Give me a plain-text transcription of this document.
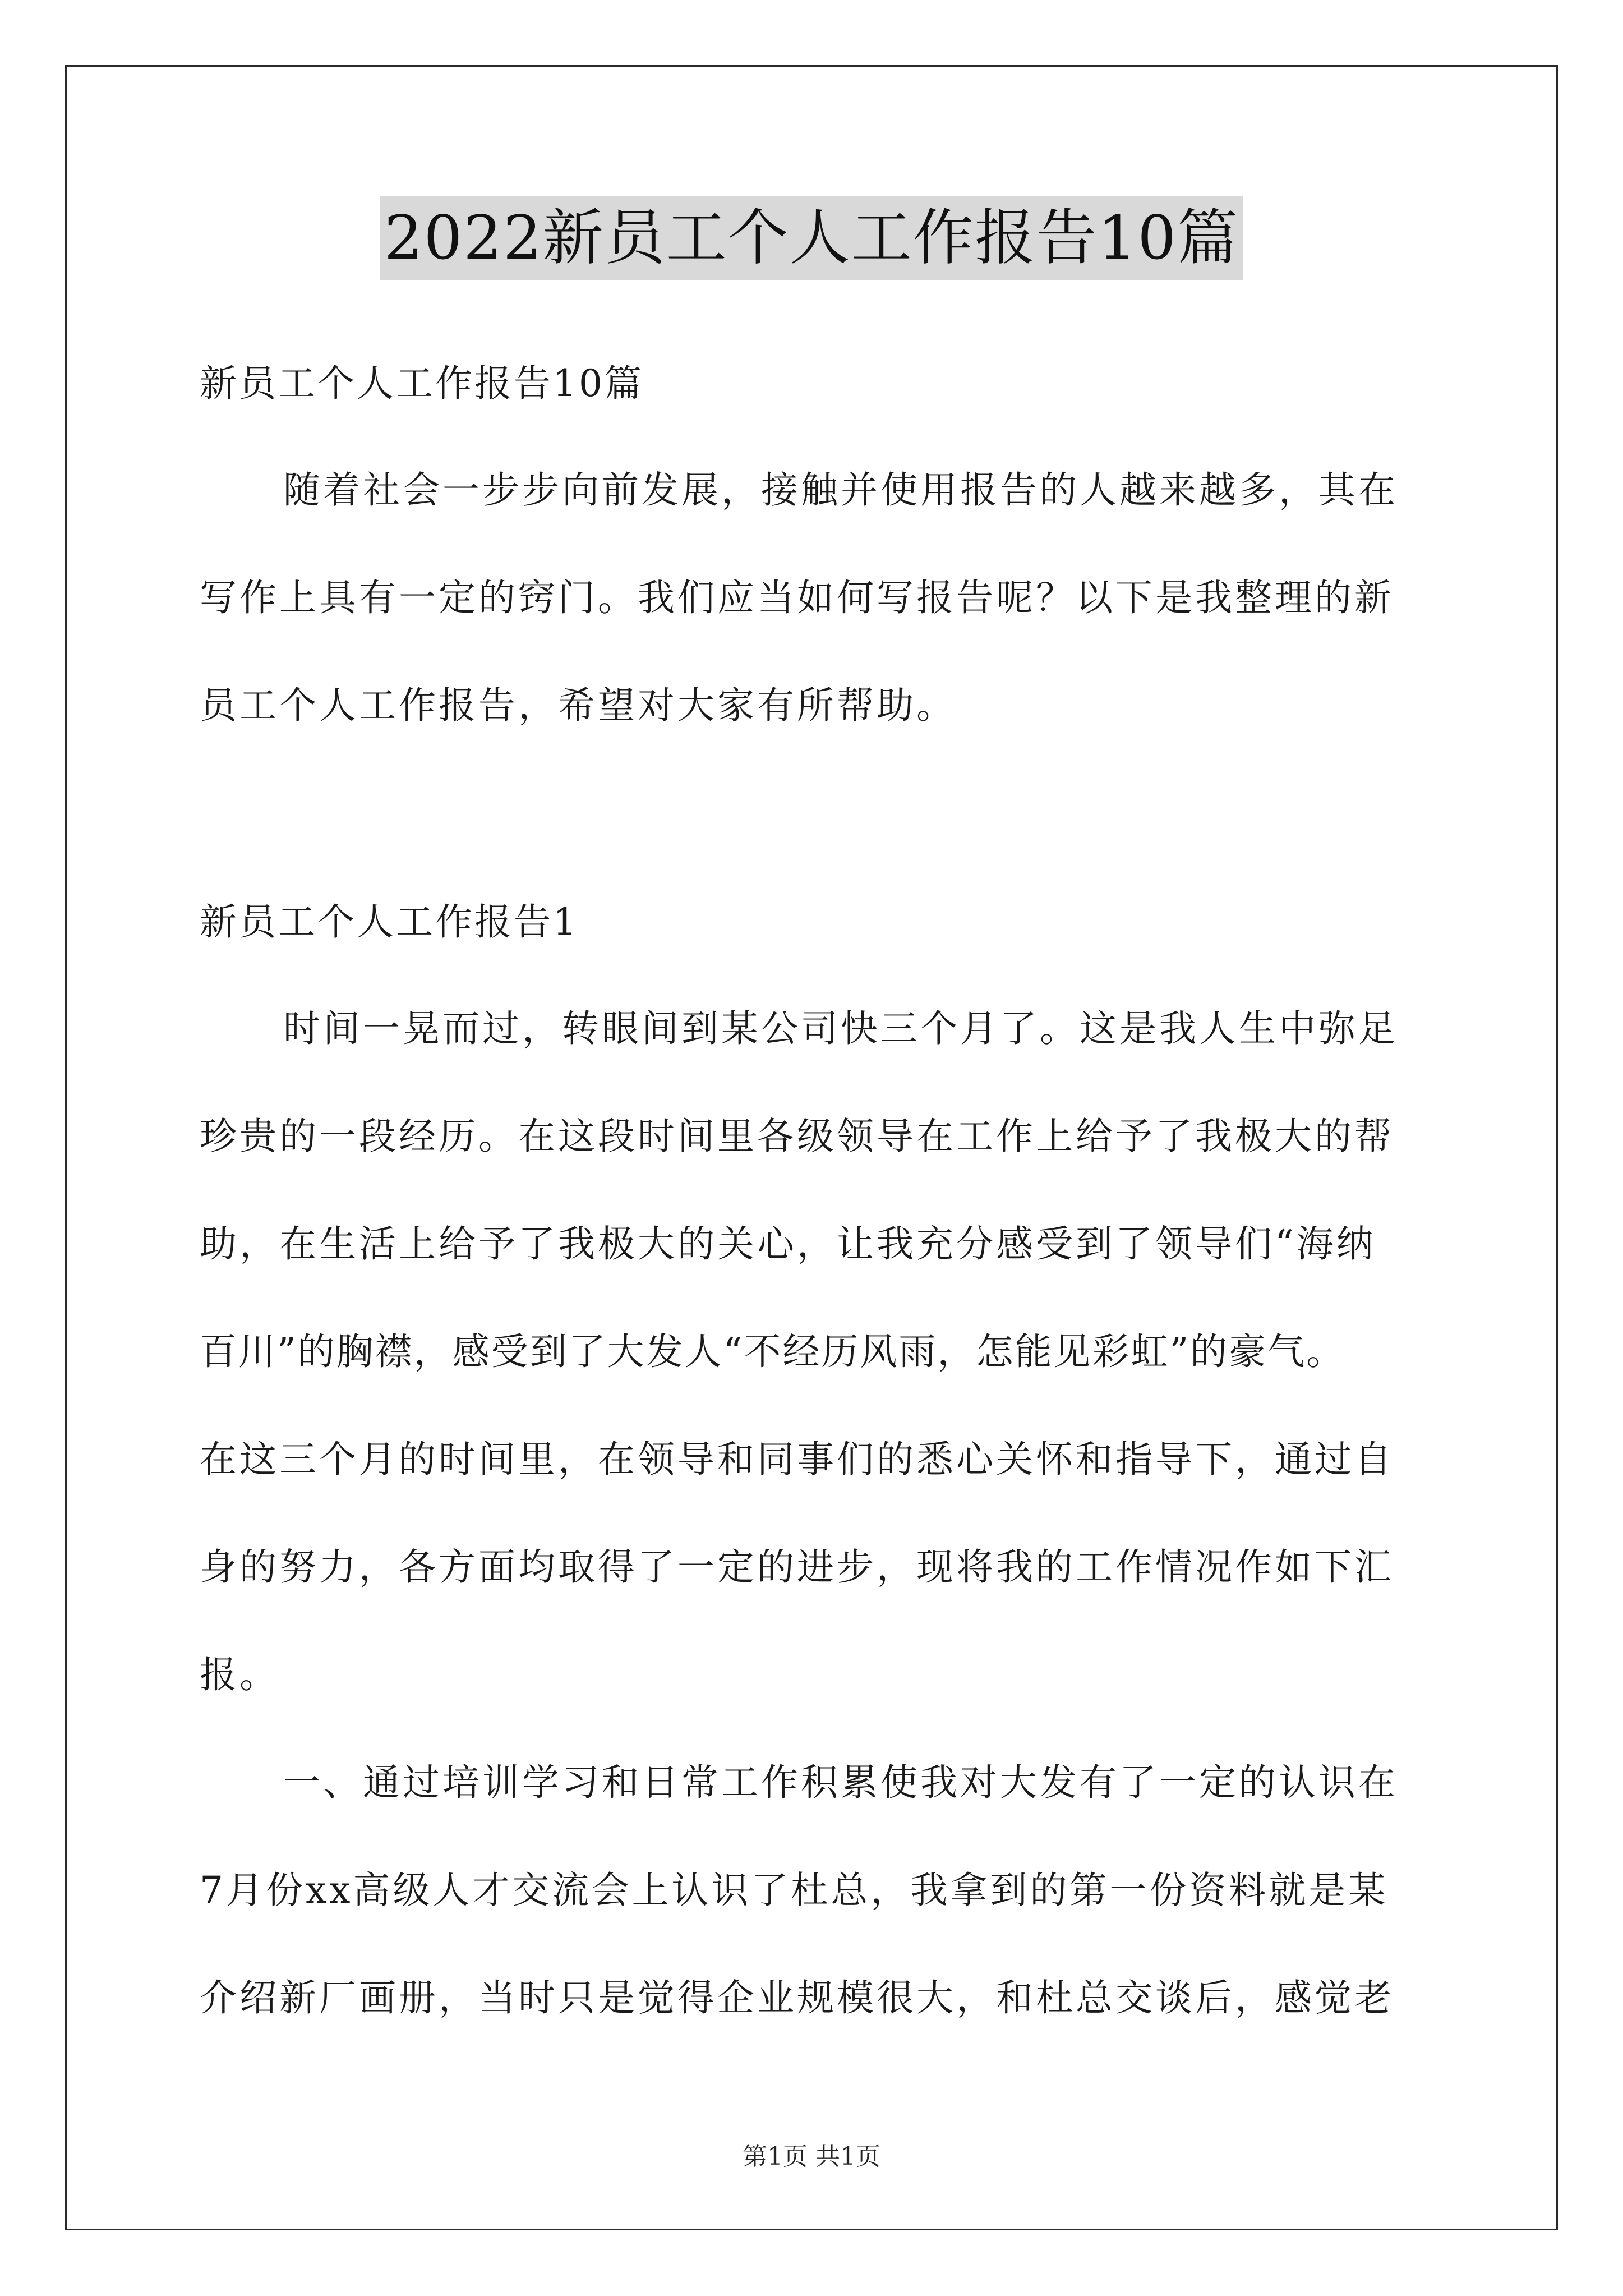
2022新员工个人工作报告10篇

新员工个人工作报告10篇

随着社会一步步向前发展，接触并使用报告的人越来越多，其在

写作上具有一定的窍门。我们应当如何写报告呢？以下是我整理的新

员工个人工作报告，希望对大家有所帮助。

新员工个人工作报告1

时间一晃而过，转眼间到某公司快三个月了。这是我人生中弥足

珍贵的一段经历。在这段时间里各级领导在工作上给予了我极大的帮

助，在生活上给予了我极大的关心，让我充分感受到了领导们“海纳

百川”的胸襟，感受到了大发人“不经历风雨，怎能见彩虹”的豪气。

在这三个月的时间里，在领导和同事们的悉心关怀和指导下，通过自

身的努力，各方面均取得了一定的进步，现将我的工作情况作如下汇

报。

一、通过培训学习和日常工作积累使我对大发有了一定的认识在

7月份xx高级人才交流会上认识了杜总，我拿到的第一份资料就是某

介绍新厂画册，当时只是觉得企业规模很大，和杜总交谈后，感觉老

第1页 共1页
